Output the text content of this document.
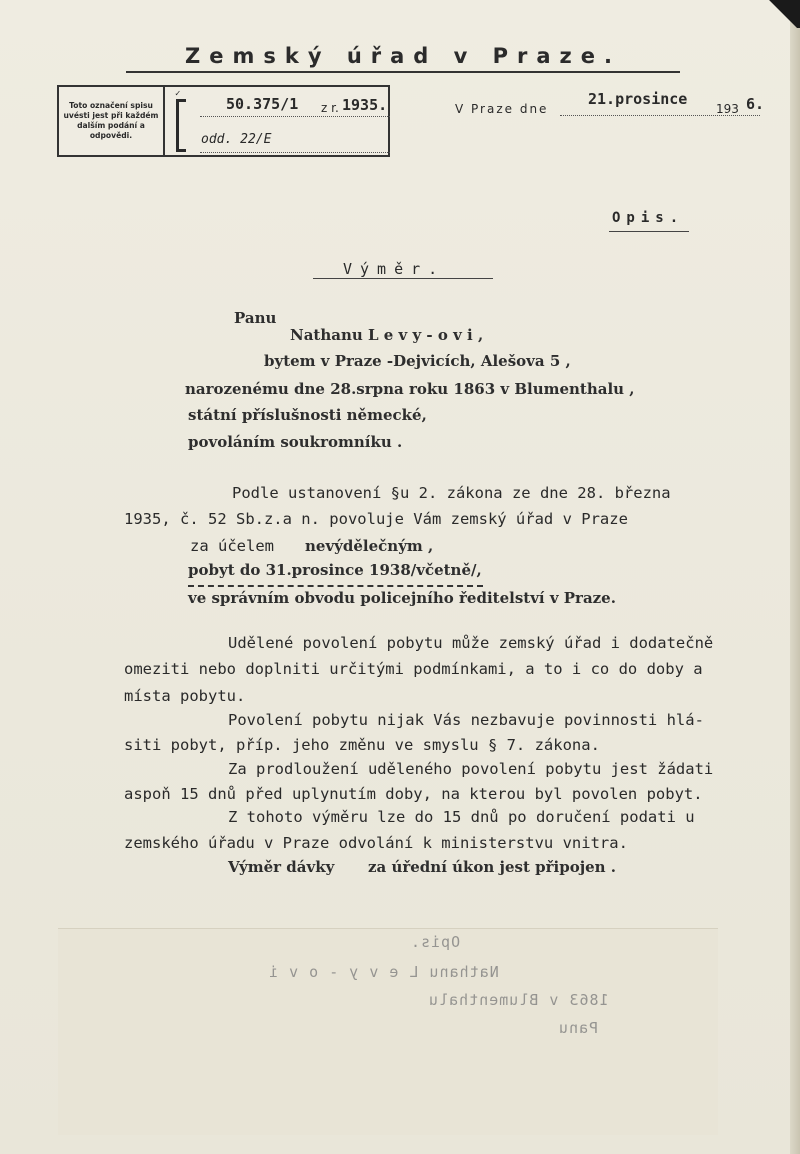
Zemský úřad v Praze.
Toto označení spisu uvésti jest při každém dalším podání a odpovědi.
✓
50.375/1 z r. 1935.
odd. 22/E
V Praze dne
21.prosince
193 6.
Opis.
Výměr.
Panu
Nathanu L e v y - o v i ,
bytem v Praze -Dejvicích, Alešova 5 ,
narozenému dne 28.srpna roku 1863 v Blumenthalu ,
státní příslušnosti německé,
povoláním soukromníku .
Podle ustanovení §u 2. zákona ze dne 28. března
1935, č. 52 Sb.z.a n. povoluje Vám zemský úřad v Praze
za účelem nevýdělečným ,
pobyt do 31.prosince 1938/včetně/,
ve správním obvodu policejního ředitelství v Praze.
Udělené povolení pobytu může zemský úřad i dodatečně
omeziti nebo doplniti určitými podmínkami, a to i co do doby a
místa pobytu.
Povolení pobytu nijak Vás nezbavuje povinnosti hlá-
siti pobyt, příp. jeho změnu ve smyslu § 7. zákona.
Za prodloužení uděleného povolení pobytu jest žádati
aspoň 15 dnů před uplynutím doby, na kterou byl povolen pobyt.
Z tohoto výměru lze do 15 dnů po doručení podati u
zemského úřadu v Praze odvolání k ministerstvu vnitra.
Výměr dávky za úřední úkon jest připojen .
Opis.
Nathanu L e v y - o v i
1863 v Blumenthalu
Panu
